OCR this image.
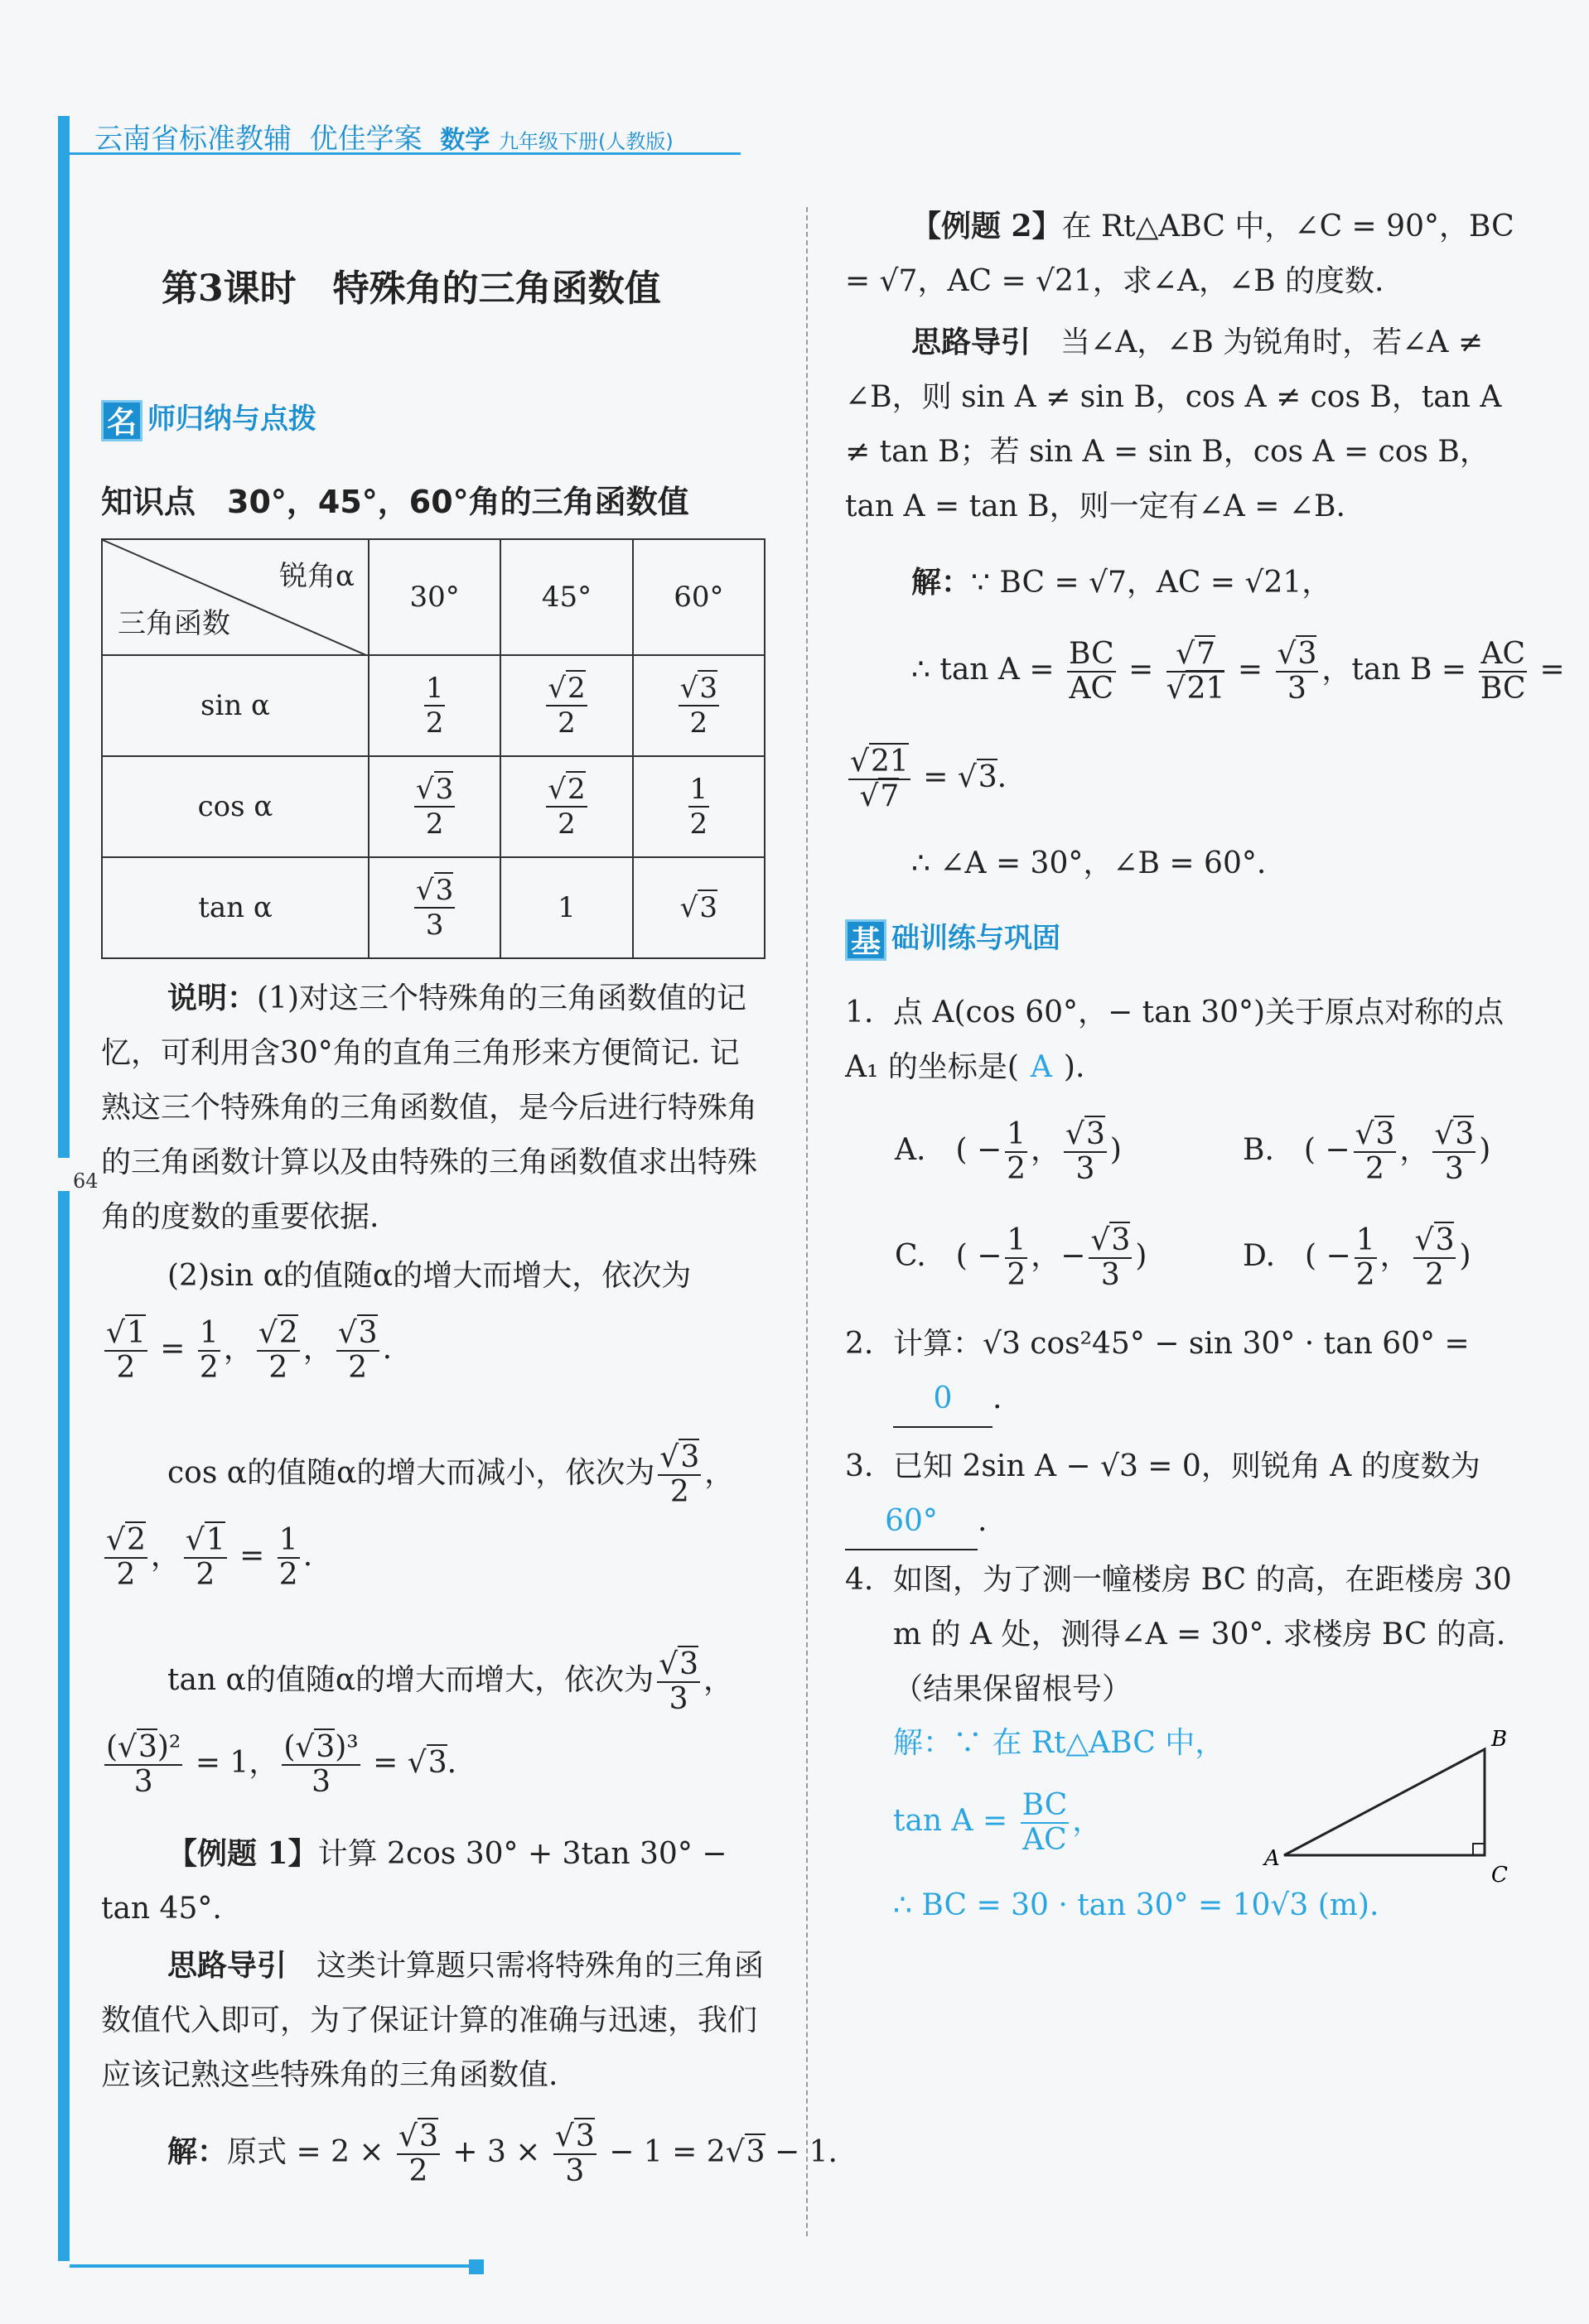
云南省标准教辅 优佳学案 数学 九年级下册(人教版)
64
第3课时　特殊角的三角函数值
名 师归纳与点拨
知识点　30°，45°，60°角的三角函数值
锐角α
三角函数	30°	45°	60°
sin α	$\frac{1}{2}$	$\frac{√2}{2}$	$\frac{√3}{2}$

cos α	$\frac{√3}{2}$	$\frac{√2}{2}$	$\frac{1}{2}$

tan α	$\frac{√3}{3}$	1	√3
说明：(1)对这三个特殊角的三角函数值的记忆，可利用含30°角的直角三角形来方便简记. 记熟这三个特殊角的三角函数值，是今后进行特殊角的三角函数计算以及由特殊的三角函数值求出特殊角的度数的重要依据.
(2)sin α的值随α的增大而增大，依次为
$\frac{√1}{2} = \frac{1}{2}$ ， $\frac{√2}{2}$ ， $\frac{√3}{2}$ .
cos α的值随α的增大而减小，依次为 $\frac{√3}{2}$ ，
$\frac{√2}{2}$ ， $\frac{√1}{2} = \frac{1}{2}$ .
tan α的值随α的增大而增大，依次为 $\frac{√3}{3}$ ，
$\frac{\text{(√3)²}}{3} = 1$， $\frac{\text{(√3)³}}{3} = √3$.
【例题 1】计算 2cos 30° + 3tan 30° − tan 45°.
思路导引　 这类计算题只需将特殊角的三角函数值代入即可，为了保证计算的准确与迅速，我们应该记熟这些特殊角的三角函数值.
解：原式 = $2 \times \frac{√3}{2} + 3 \times \frac{√3}{3} - 1 = 2√3 - 1$.
【例题 2】在 Rt△ABC 中，∠C = 90°，BC = √7，AC = √21，求∠A，∠B 的度数.
思路导引　 当∠A，∠B 为锐角时，若∠A ≠ ∠B，则 sin A ≠ sin B，cos A ≠ cos B，tan A ≠ tan B；若 sin A = sin B，cos A = cos B，tan A = tan B，则一定有∠A = ∠B.
解：∵ BC = √7，AC = √21，
∴ $\tan A = \frac{BC}{AC} = \frac{√7}{√21} = \frac{√3}{3}$ ，$\tan B = \frac{AC}{BC}$ =
$\frac{√21}{√7} = √3$.
∴ ∠A = 30°，∠B = 60°.
基 础训练与巩固
1. 点 A(cos 60°，− tan 30°)关于原点对称的点 A₁ 的坐标是( A ).
A.　( − $\frac{1}{2}$ ， $\frac{√3}{3}$ )	B.　( − $\frac{√3}{2}$ ， $\frac{√3}{3}$ )
C.　( − $\frac{1}{2}$ ，− $\frac{√3}{3}$ )	D.　( − $\frac{1}{2}$ ， $\frac{√3}{2}$ )
2. 计算：√3 cos²45° − sin 30° · tan 60° =
0 .
3. 已知 2sin A − √3 = 0，则锐角 A 的度数为60° .
4. 如图，为了测一幢楼房 BC 的高，在距楼房 30 m 的 A 处，测得∠A = 30°. 求楼房 BC 的高.（结果保留根号）
解：∵ 在 Rt△ABC 中，
$\tan A = \frac{BC}{AC}$ ，
∴ BC = 30 · tan 30° = 10√3 (m).
A
B
C
